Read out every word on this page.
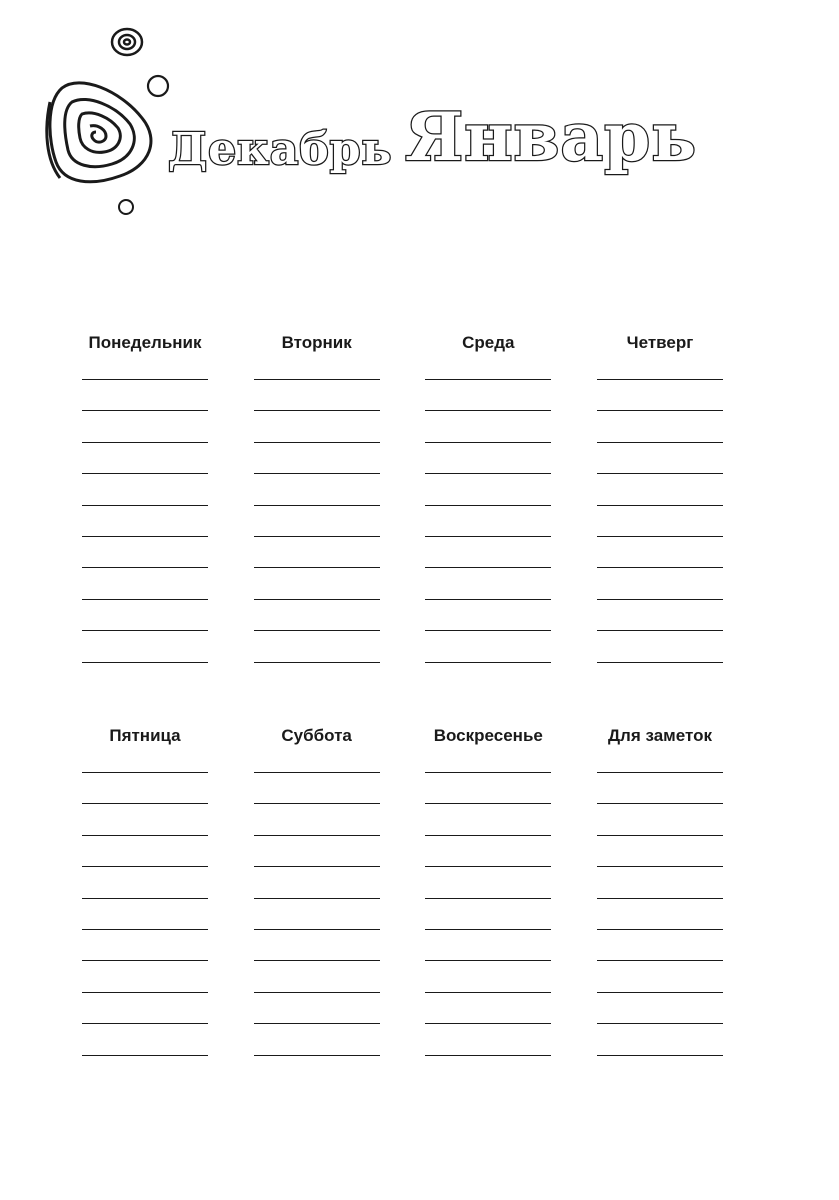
Декабрь Январь
Понедельник	Вторник	Среда	Четверг
Пятница	Суббота	Воскресенье	Для заметок
